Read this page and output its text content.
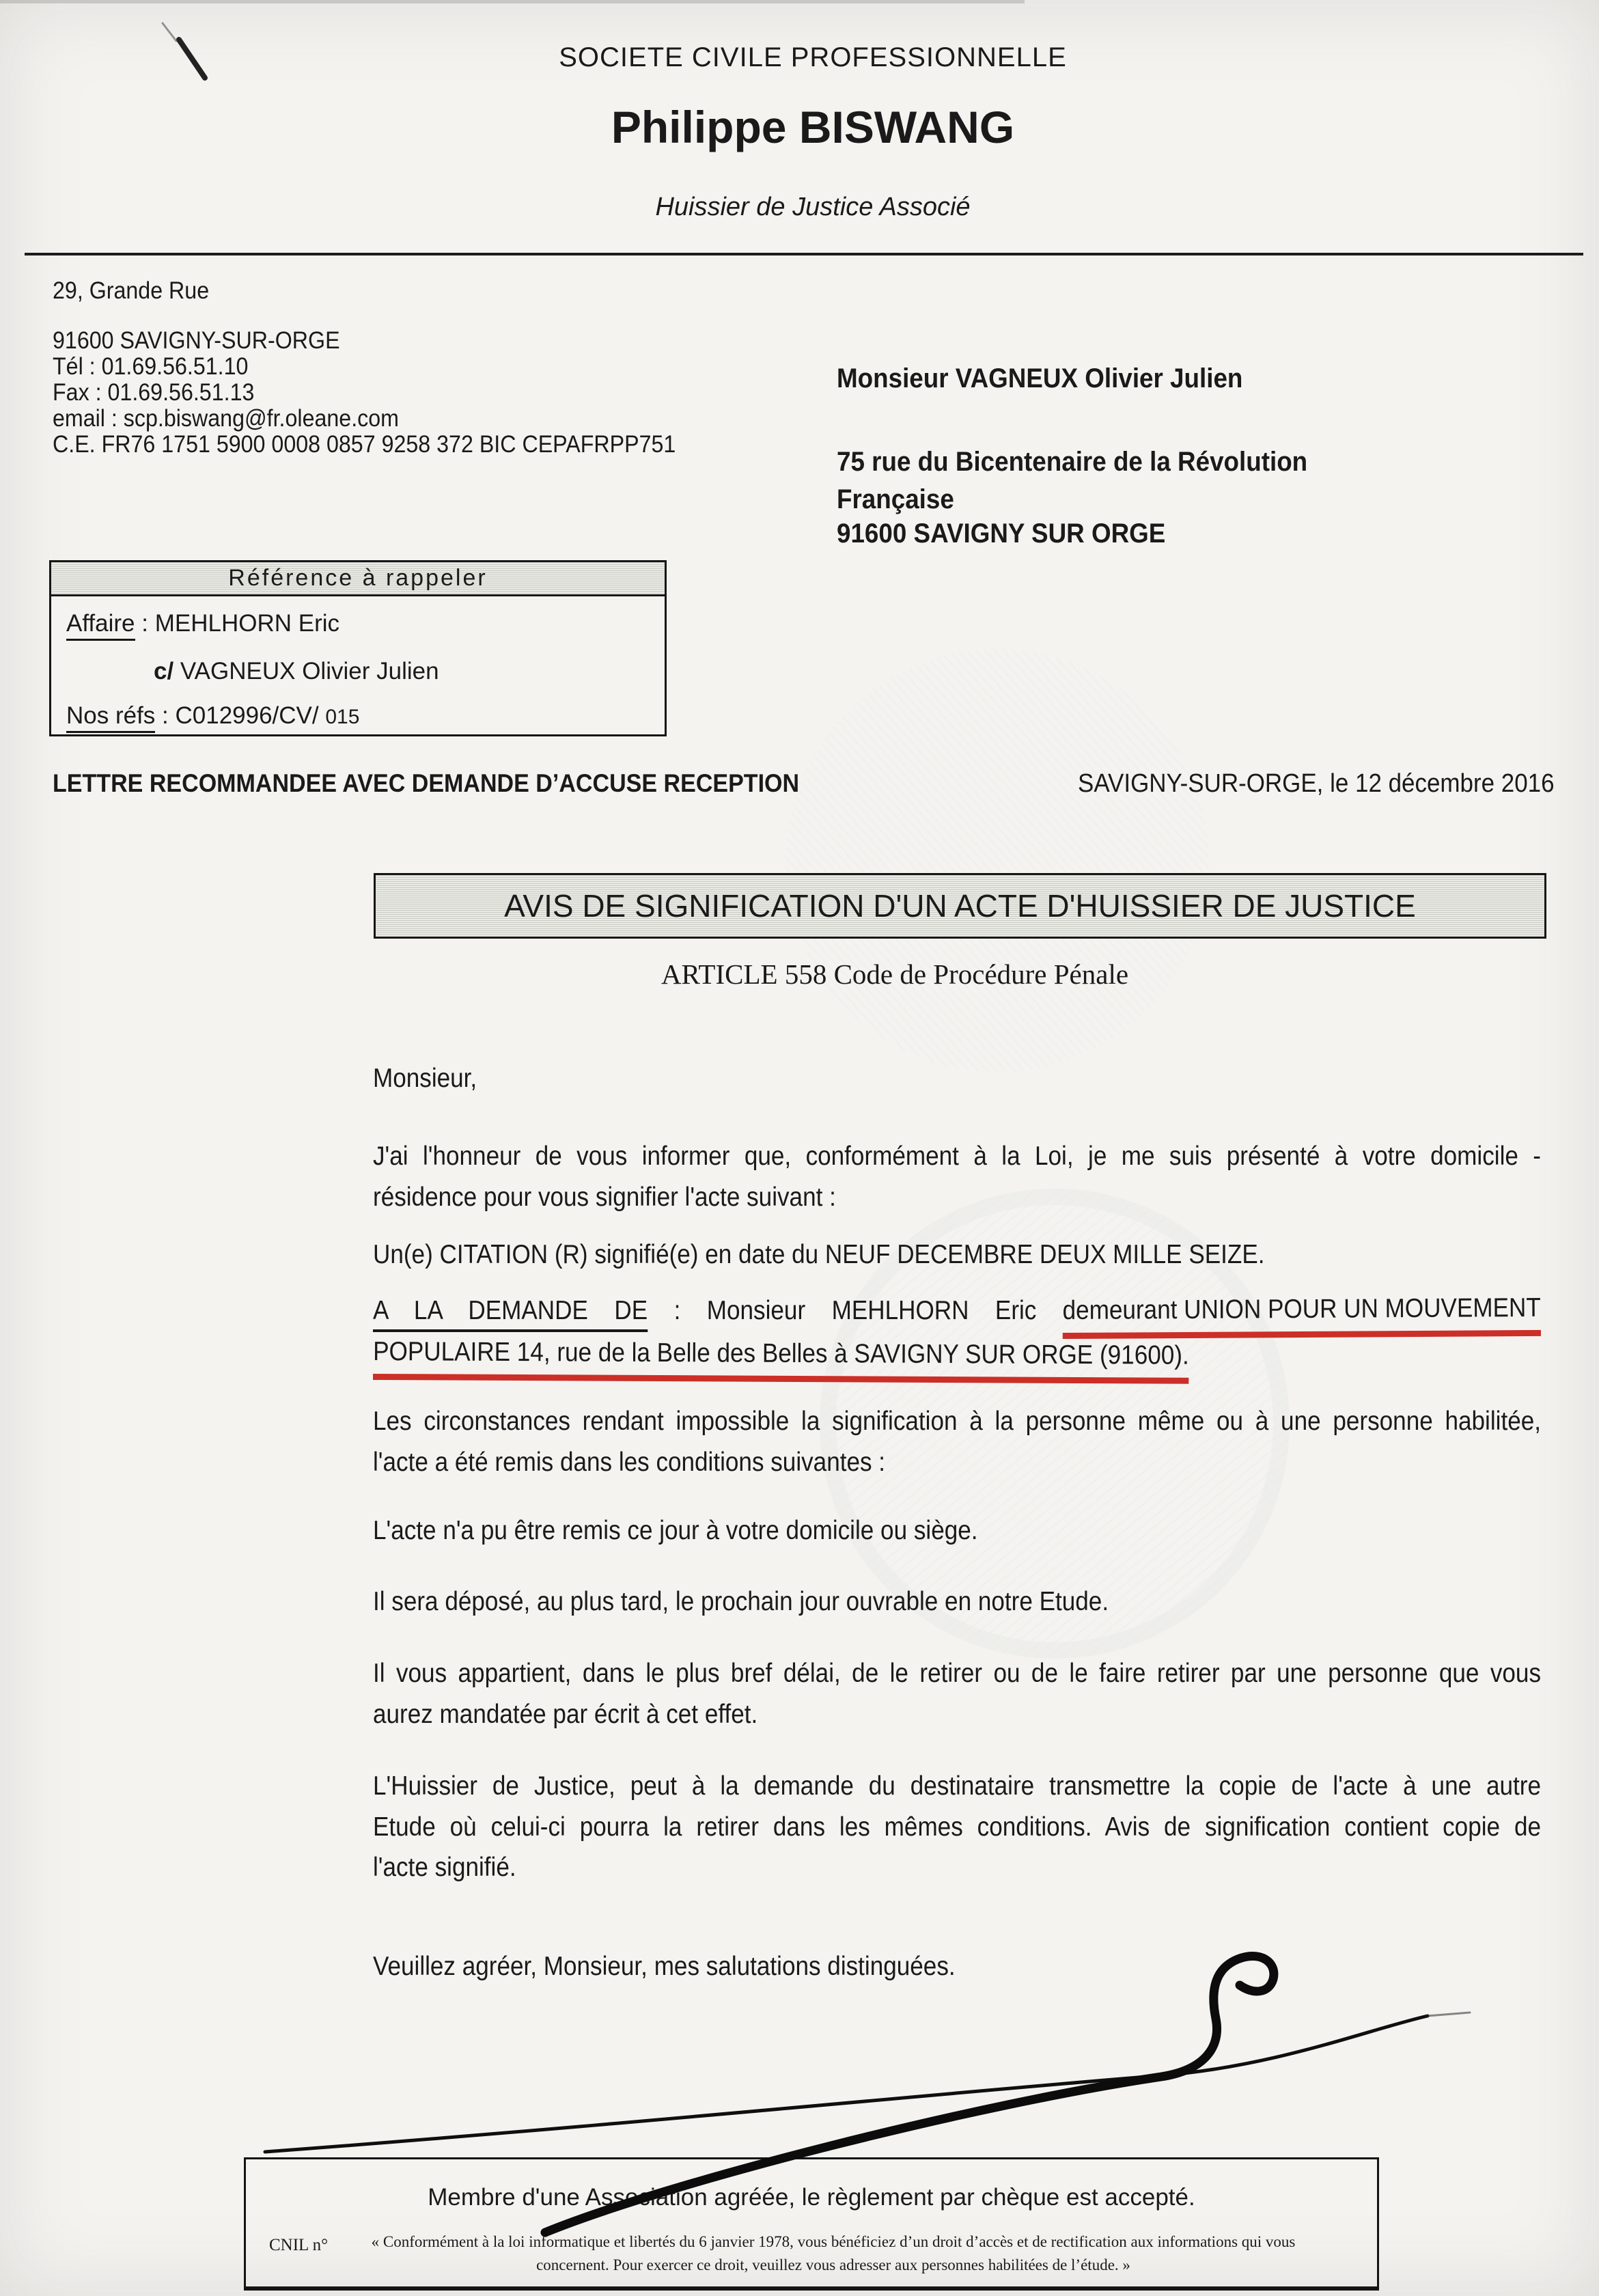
SOCIETE CIVILE PROFESSIONNELLE
Philippe BISWANG
Huissier de Justice Associé
29, Grande Rue
91600 SAVIGNY-SUR-ORGE
Tél : 01.69.56.51.10
Fax : 01.69.56.51.13
email : scp.biswang@fr.oleane.com
C.E. FR76 1751 5900 0008 0857 9258 372 BIC CEPAFRPP751
Monsieur VAGNEUX Olivier Julien
75 rue du Bicentenaire de la Révolution
Française
91600 SAVIGNY SUR ORGE
Référence à rappeler
Affaire : MEHLHORN Eric
c/ VAGNEUX Olivier Julien
Nos réfs : C012996/CV/ 015
LETTRE RECOMMANDEE AVEC DEMANDE D’ACCUSE RECEPTION	SAVIGNY-SUR-ORGE, le 12 décembre 2016
AVIS DE SIGNIFICATION D'UN ACTE D'HUISSIER DE JUSTICE
ARTICLE 558 Code de Procédure Pénale
Monsieur,
J'ai l'honneur de vous informer que, conformément à la Loi, je me suis présenté à votre domicile -
résidence pour vous signifier l'acte suivant :
Un(e) CITATION (R) signifié(e) en date du NEUF DECEMBRE DEUX MILLE SEIZE.
A LA DEMANDE DE : Monsieur MEHLHORN Eric demeurant UNION POUR UN MOUVEMENT
POPULAIRE 14, rue de la Belle des Belles à SAVIGNY SUR ORGE (91600).
Les circonstances rendant impossible la signification à la personne même ou à une personne habilitée,
l'acte a été remis dans les conditions suivantes :
L'acte n'a pu être remis ce jour à votre domicile ou siège.
Il sera déposé, au plus tard, le prochain jour ouvrable en notre Etude.
Il vous appartient, dans le plus bref délai, de le retirer ou de le faire retirer par une personne que vous
aurez mandatée par écrit à cet effet.
L'Huissier de Justice, peut à la demande du destinataire transmettre la copie de l'acte à une autre
Etude où celui-ci pourra la retirer dans les mêmes conditions. Avis de signification contient copie de
l'acte signifié.
Veuillez agréer, Monsieur, mes salutations distinguées.
Membre d'une Association agréée, le règlement par chèque est accepté.
CNIL n°	« Conformément à la loi informatique et libertés du 6 janvier 1978, vous bénéficiez d’un droit d’accès et de rectification aux informations qui vous
concernent. Pour exercer ce droit, veuillez vous adresser aux personnes habilitées de l’étude. »
